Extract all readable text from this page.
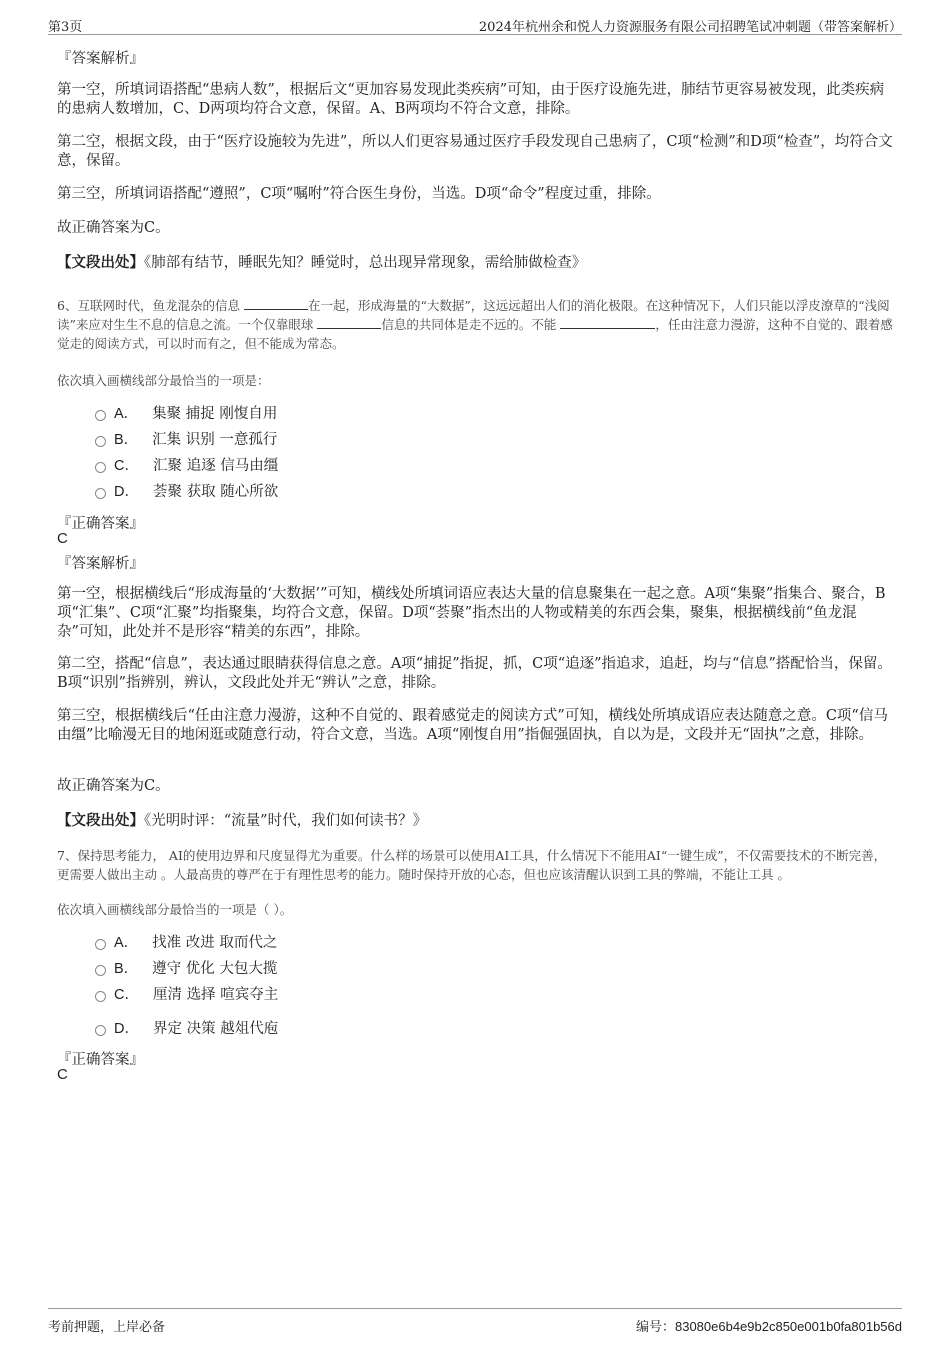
第3页	2024年杭州余和悦人力资源服务有限公司招聘笔试冲刺题（带答案解析）
『答案解析』
第一空，所填词语搭配“患病人数”，根据后文“更加容易发现此类疾病”可知，由于医疗设施先进，肺结节更容易被发现，此类疾病的患病人数增加，C、D两项均符合文意，保留。A、B两项均不符合文意，排除。
第二空，根据文段，由于“医疗设施较为先进”，所以人们更容易通过医疗手段发现自己患病了，C项“检测”和D项“检查”，均符合文意，保留。
第三空，所填词语搭配“遵照”，C项“嘱咐”符合医生身份，当选。D项“命令”程度过重，排除。
故正确答案为C。
【文段出处】《肺部有结节，睡眠先知？睡觉时，总出现异常现象，需给肺做检查》
6、互联网时代，鱼龙混杂的信息	在一起，形成海量的“大数据”，这远远超出人们的消化极限。在这种情况下，人们只能以浮皮潦草的“浅阅读”来应对生生不息的信息之流。一个仅靠眼球	信息的共同体是走不远的。不能	，任由注意力漫游，这种不自觉的、跟着感觉走的阅读方式，可以时而有之，但不能成为常态。
依次填入画横线部分最恰当的一项是：
A． 集聚 捕捉 刚愎自用
B． 汇集 识别 一意孤行
C． 汇聚 追逐 信马由缰
D． 荟聚 获取 随心所欲
『正确答案』
C
『答案解析』
第一空，根据横线后“形成海量的‘大数据’”可知，横线处所填词语应表达大量的信息聚集在一起之意。A项“集聚”指集合、聚合，B项“汇集”、C项“汇聚”均指聚集，均符合文意，保留。D项“荟聚”指杰出的人物或精美的东西会集，聚集，根据横线前“鱼龙混杂”可知，此处并不是形容“精美的东西”，排除。
第二空，搭配“信息”，表达通过眼睛获得信息之意。A项“捕捉”指捉，抓，C项“追逐”指追求，追赶，均与“信息”搭配恰当，保留。B项“识别”指辨别，辨认，文段此处并无“辨认”之意，排除。
第三空，根据横线后“任由注意力漫游，这种不自觉的、跟着感觉走的阅读方式”可知，横线处所填成语应表达随意之意。C项“信马由缰”比喻漫无目的地闲逛或随意行动，符合文意，当选。A项“刚愎自用”指倔强固执，自以为是，文段并无“固执”之意，排除。
故正确答案为C。
【文段出处】《光明时评：“流量”时代，我们如何读书？》
7、保持思考能力， AI的使用边界和尺度显得尤为重要。什么样的场景可以使用AI工具，什么情况下不能用AI“一键生成”，不仅需要技术的不断完善，更需要人做出主动 。人最高贵的尊严在于有理性思考的能力。随时保持开放的心态，但也应该清醒认识到工具的弊端，不能让工具 。
依次填入画横线部分最恰当的一项是（ ）。
A． 找准 改进 取而代之
B． 遵守 优化 大包大揽
C． 厘清 选择 喧宾夺主
D． 界定 决策 越俎代庖
『正确答案』
C
考前押题，上岸必备	编号：83080e6b4e9b2c850e001b0fa801b56d
